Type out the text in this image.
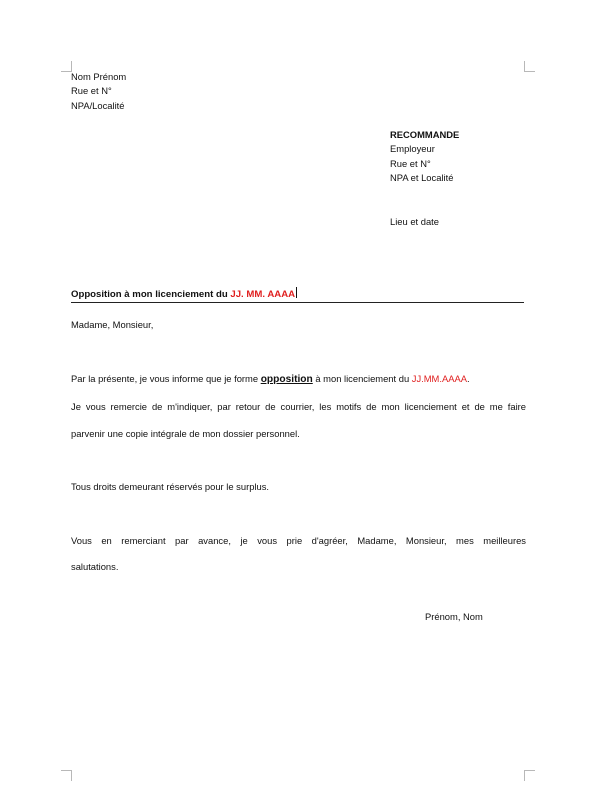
Nom Prénom
Rue et N°
NPA/Localité
RECOMMANDE
Employeur
Rue et N°
NPA et Localité
Lieu et date
Opposition à mon licenciement du JJ. MM. AAAA
Madame, Monsieur,
Par la présente, je vous informe que je forme opposition à mon licenciement du JJ.MM.AAAA.
Je vous remercie de m'indiquer, par retour de courrier, les motifs de mon licenciement et de me faire
parvenir une copie intégrale de mon dossier personnel.
Tous droits demeurant réservés pour le surplus.
Vous en remerciant par avance, je vous prie d'agréer, Madame, Monsieur, mes meilleures
salutations.
Prénom, Nom
